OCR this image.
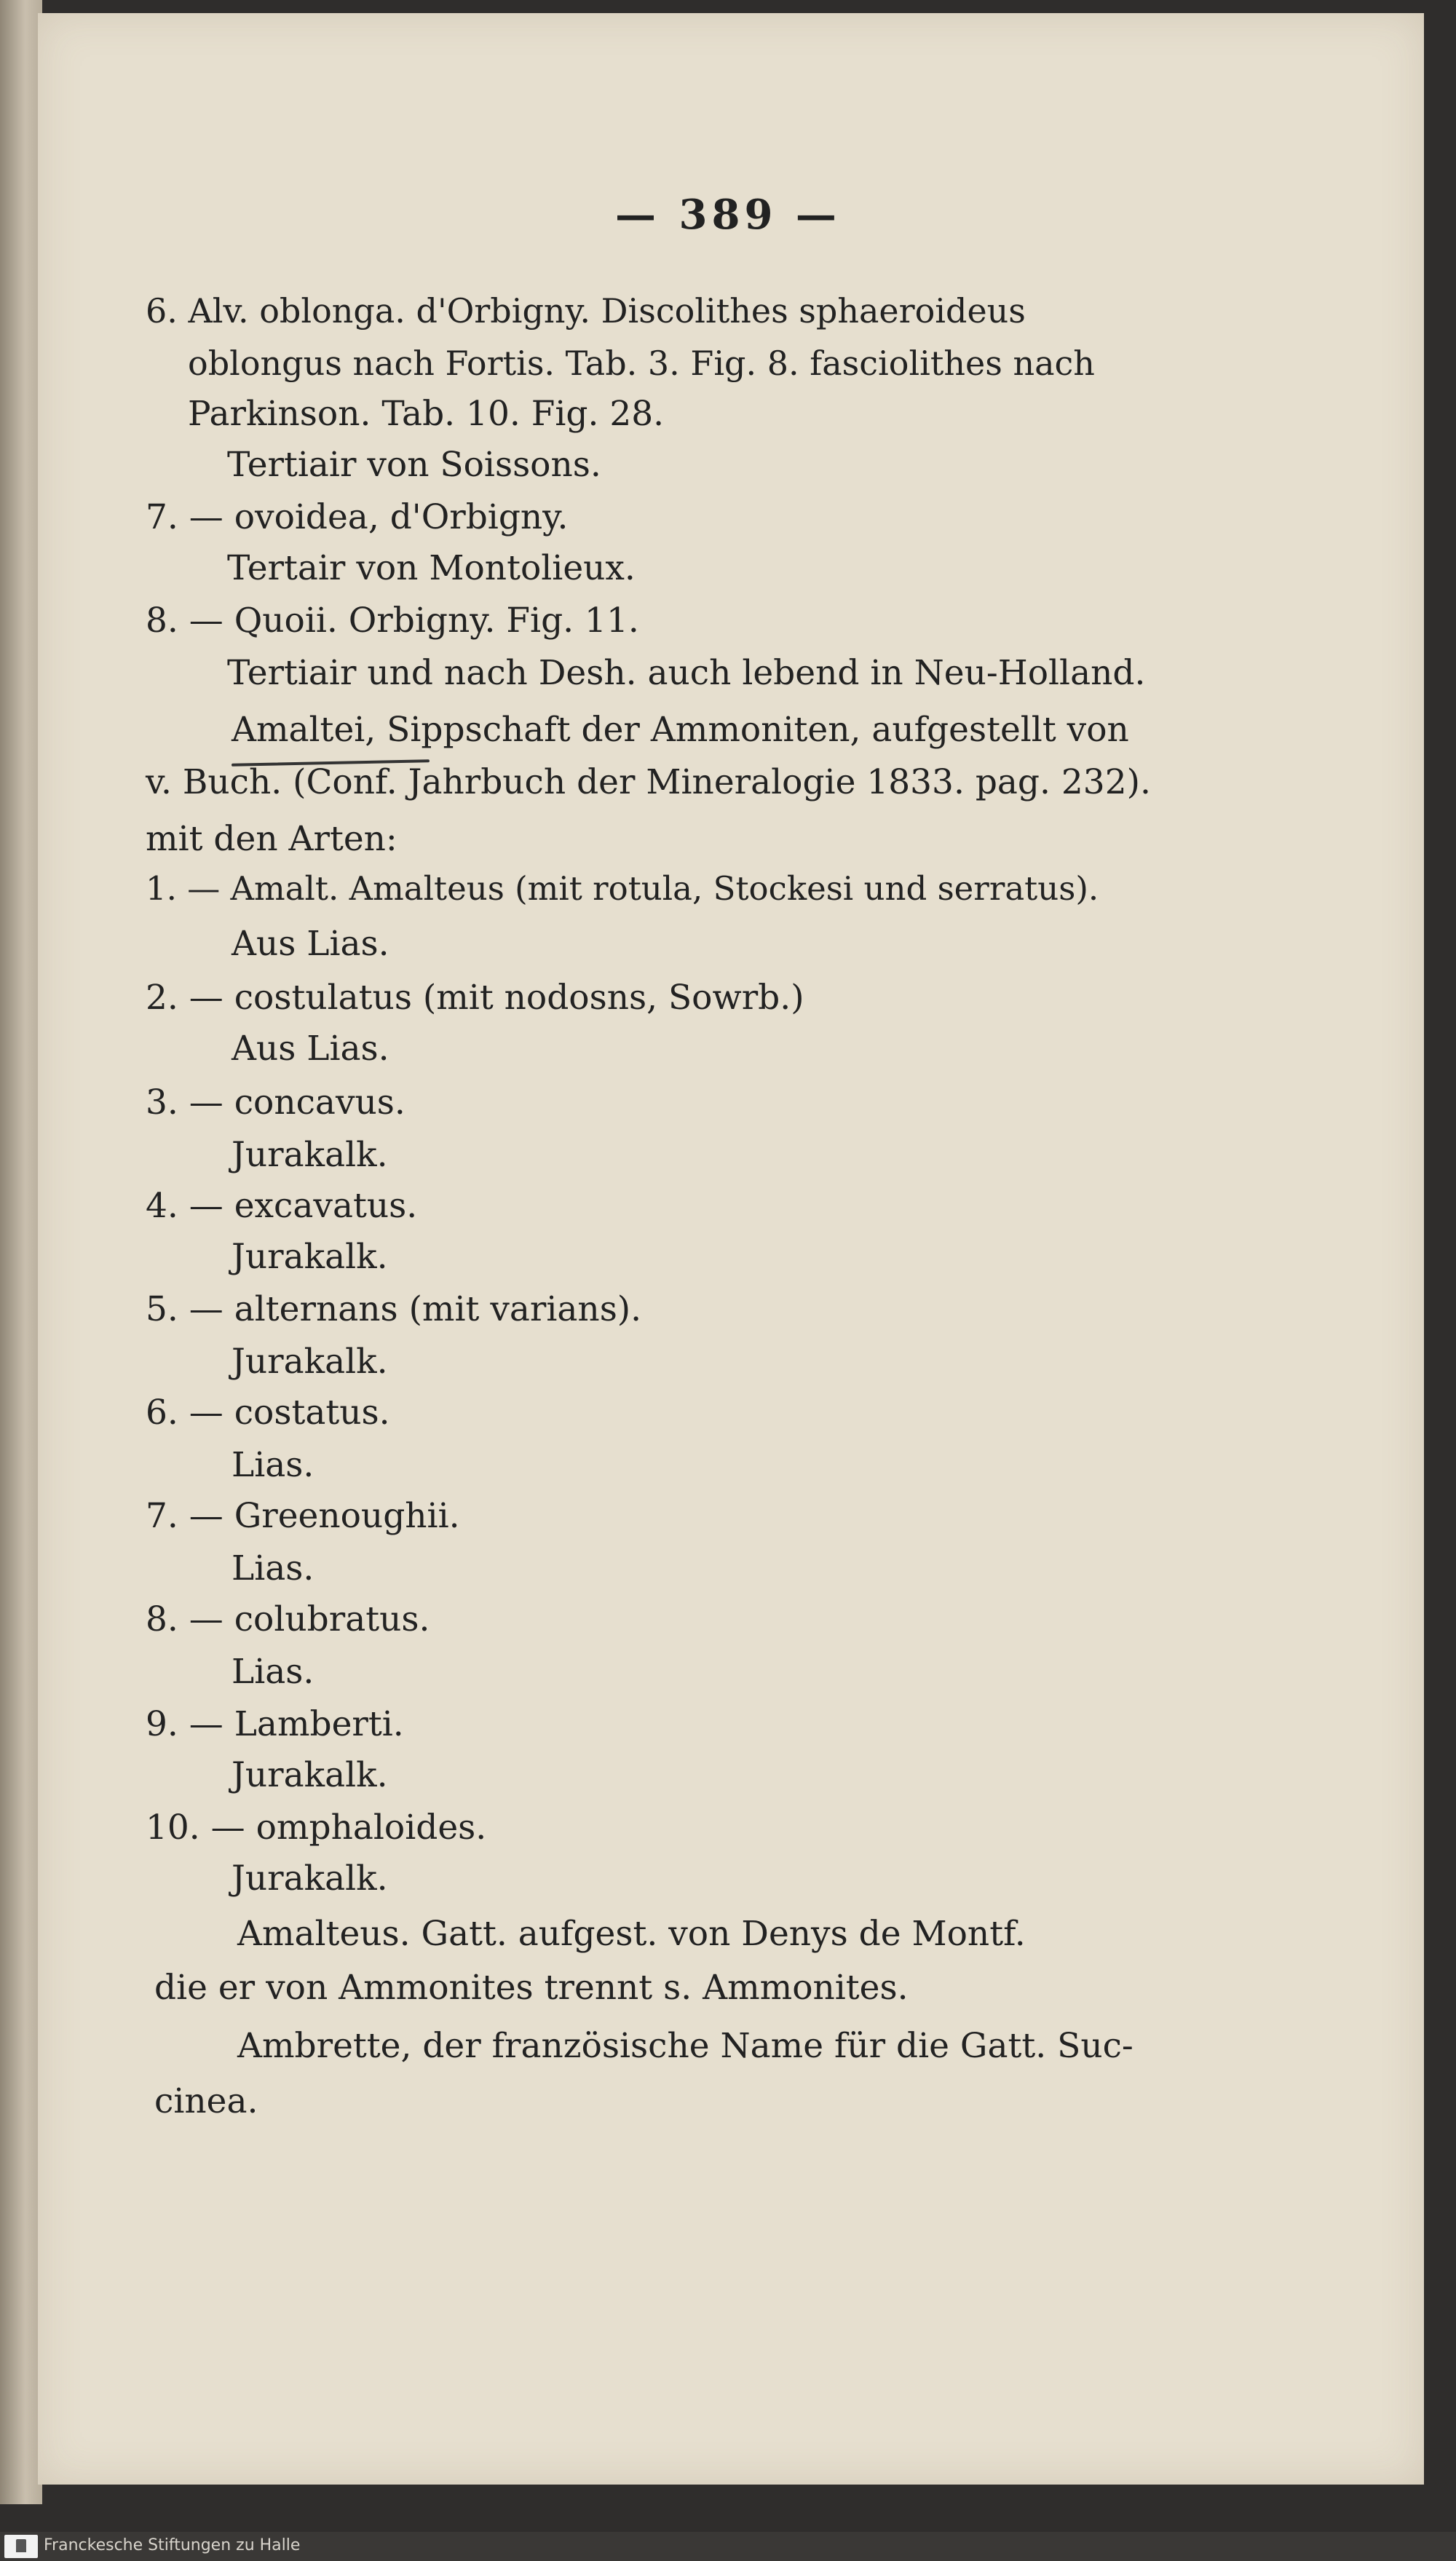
— 389 —
6. Alv. oblonga. d'Orbigny. Discolithes sphaeroideus
oblongus nach Fortis. Tab. 3. Fig. 8. fasciolithes nach
Parkinson. Tab. 10. Fig. 28.
Tertiair von Soissons.
7. — ovoidea, d'Orbigny.
Tertair von Montolieux.
8. — Quoii. Orbigny. Fig. 11.
Tertiair und nach Desh. auch lebend in Neu-Holland.
Amaltei, Sippschaft der Ammoniten, aufgestellt von
v. Buch. (Conf. Jahrbuch der Mineralogie 1833. pag. 232).
mit den Arten:
1. — Amalt. Amalteus (mit rotula, Stockesi und serratus).
Aus Lias.
2. — costulatus (mit nodosns, Sowrb.)
Aus Lias.
3. — concavus.
Jurakalk.
4. — excavatus.
Jurakalk.
5. — alternans (mit varians).
Jurakalk.
6. — costatus.
Lias.
7. — Greenoughii.
Lias.
8. — colubratus.
Lias.
9. — Lamberti.
Jurakalk.
10. — omphaloides.
Jurakalk.
Amalteus. Gatt. aufgest. von Denys de Montf.
die er von Ammonites trennt s. Ammonites.
Ambrette, der französische Name für die Gatt. Suc-
cinea.
Franckesche Stiftungen zu Halle
